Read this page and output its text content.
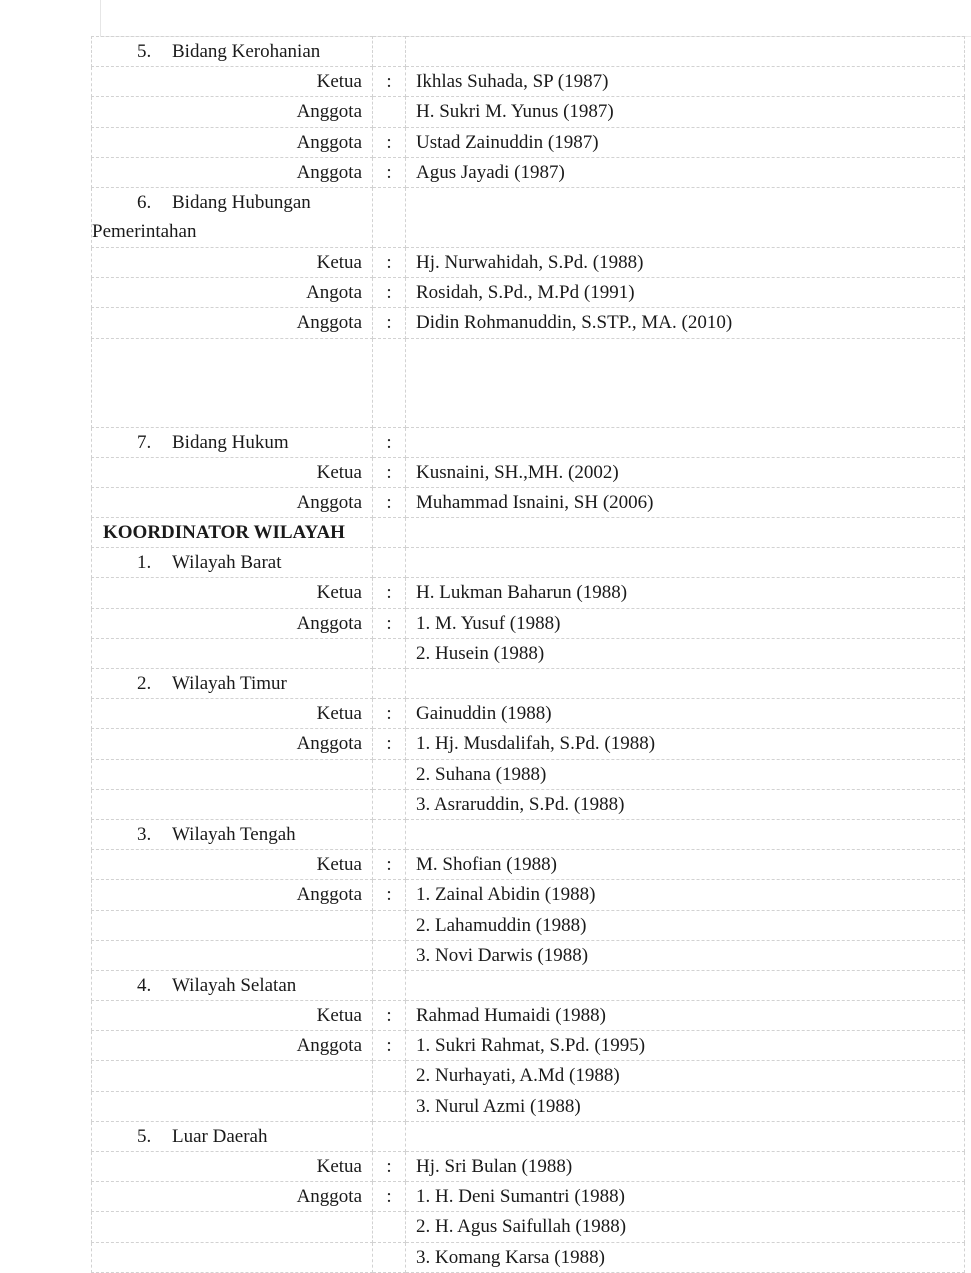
5. Bidang Kerohanian		
Ketua	:	Ikhlas Suhada, SP (1987)
Anggota		H. Sukri M. Yunus (1987)
Anggota	:	Ustad Zainuddin (1987)
Anggota	:	Agus Jayadi (1987)
6. Bidang Hubungan
Pemerintahan		
Ketua	:	Hj. Nurwahidah, S.Pd. (1988)
Angota	:	Rosidah, S.Pd., M.Pd (1991)
Anggota	:	Didin Rohmanuddin, S.STP., MA. (2010)

7. Bidang Hukum	:	
Ketua	:	Kusnaini, SH.,MH. (2002)
Anggota	:	Muhammad Isnaini, SH (2006)
KOORDINATOR WILAYAH		
1. Wilayah Barat		
Ketua	:	H. Lukman Baharun (1988)
Anggota	:	1. M. Yusuf (1988)
		2. Husein (1988)
2. Wilayah Timur		
Ketua	:	Gainuddin (1988)
Anggota	:	1. Hj. Musdalifah, S.Pd. (1988)
		2. Suhana (1988)
		3. Asraruddin, S.Pd. (1988)
3. Wilayah Tengah		
Ketua	:	M. Shofian (1988)
Anggota	:	1. Zainal Abidin (1988)
		2. Lahamuddin (1988)
		3. Novi Darwis (1988)
4. Wilayah Selatan		
Ketua	:	Rahmad Humaidi (1988)
Anggota	:	1. Sukri Rahmat, S.Pd. (1995)
		2. Nurhayati, A.Md (1988)
		3. Nurul Azmi (1988)
5. Luar Daerah		
Ketua	:	Hj. Sri Bulan (1988)
Anggota	:	1. H. Deni Sumantri (1988)
		2. H. Agus Saifullah (1988)
		3. Komang Karsa (1988)
